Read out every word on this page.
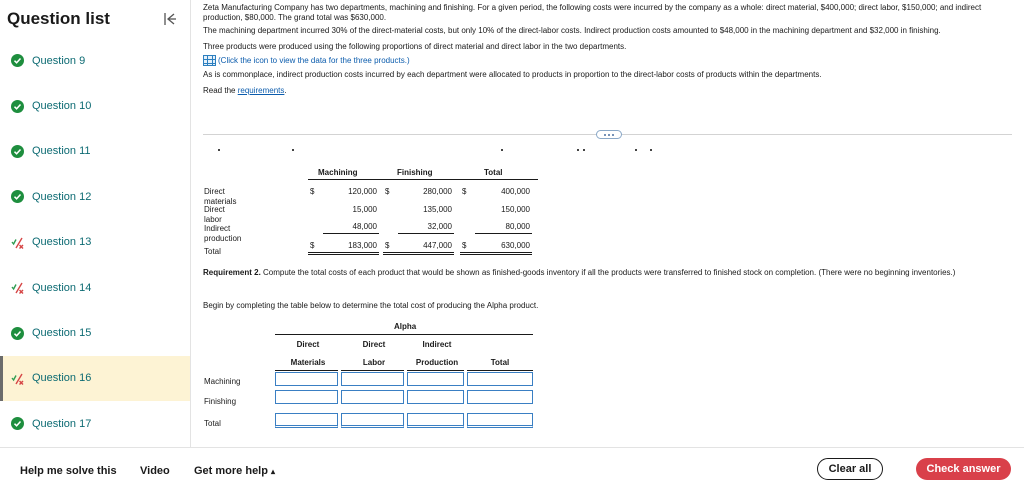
Question list
Question 9
Question 10
Question 11
Question 12
Question 13
Question 14
Question 15
Question 16
Question 17

Zeta Manufacturing Company has two departments, machining and finishing. For a given period, the following costs were incurred by the company as a whole: direct material, $400,000; direct labor, $150,000; and indirect production, $80,000. The grand total was $630,000.

The machining department incurred 30% of the direct-material costs, but only 10% of the direct-labor costs. Indirect production costs amounted to $48,000 in the machining department and $32,000 in finishing.

Three products were produced using the following proportions of direct material and direct labor in the two departments.

(Click the icon to view the data for the three products.)

As is commonplace, indirect production costs incurred by each department were allocated to products in proportion to the direct-labor costs of products within the departments.

Read the requirements.

Machining	Finishing	Total
Direct materials
$	120,000 $	280,000 $	400,000
Direct labor
15,000	135,000	150,000
Indirect production
48,000	32,000	80,000
Total
$	183,000 $	447,000 $	630,000

Requirement 2. Compute the total costs of each product that would be shown as finished-goods inventory if all the products were transferred to finished stock on completion. (There were no beginning inventories.)

Begin by completing the table below to determine the total cost of producing the Alpha product.

Alpha
Direct
Materials
Direct
Labor
Indirect
Production	Total
Machining
Finishing
Total
Help me solve this Video Get more help ▴	Clear all	Check answer
